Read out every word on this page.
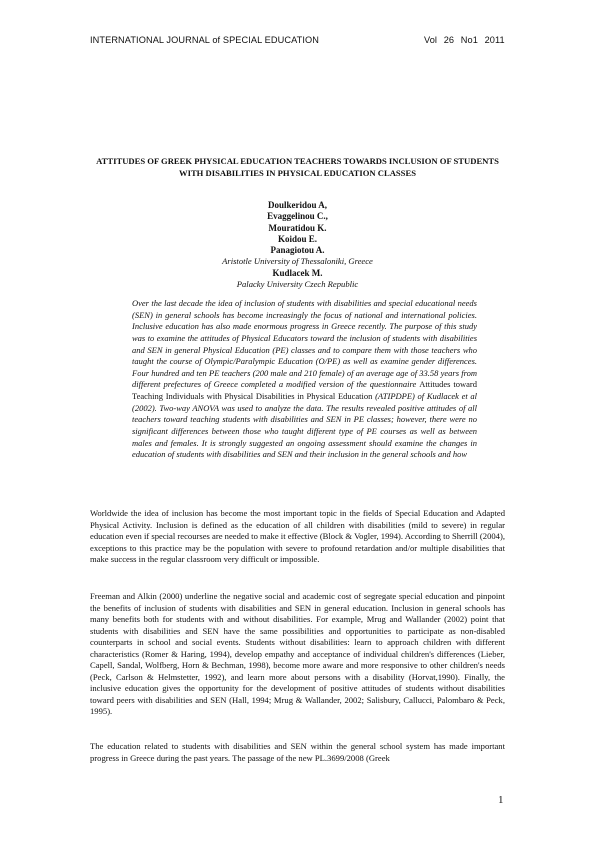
INTERNATIONAL JOURNAL of SPECIAL EDUCATION	Vol 26 No1 2011
ATTITUDES OF GREEK PHYSICAL EDUCATION TEACHERS TOWARDS INCLUSION OF STUDENTS WITH DISABILITIES IN PHYSICAL EDUCATION CLASSES
Doulkeridou A,
Evaggelinou C.,
Mouratidou K.
Koidou E.
Panagiotou A.
Aristotle University of Thessaloniki, Greece
Kudlacek M.
Palacky University Czech Republic
Over the last decade the idea of inclusion of students with disabilities and special educational needs (SEN) in general schools has become increasingly the focus of national and international policies. Inclusive education has also made enormous progress in Greece recently. The purpose of this study was to examine the attitudes of Physical Educators toward the inclusion of students with disabilities and SEN in general Physical Education (PE) classes and to compare them with those teachers who taught the course of Olympic/Paralympic Education (O/PE) as well as examine gender differences. Four hundred and ten PE teachers (200 male and 210 female) of an average age of 33.58 years from different prefectures of Greece completed a modified version of the questionnaire Attitudes toward Teaching Individuals with Physical Disabilities in Physical Education (ATIPDPE) of Kudlacek et al (2002). Two-way ANOVA was used to analyze the data. The results revealed positive attitudes of all teachers toward teaching students with disabilities and SEN in PE classes; however, there were no significant differences between those who taught different type of PE courses as well as between males and females. It is strongly suggested an ongoing assessment should examine the changes in education of students with disabilities and SEN and their inclusion in the general schools and how
Worldwide the idea of inclusion has become the most important topic in the fields of Special Education and Adapted Physical Activity. Inclusion is defined as the education of all children with disabilities (mild to severe) in regular education even if special recourses are needed to make it effective (Block & Vogler, 1994). According to Sherrill (2004), exceptions to this practice may be the population with severe to profound retardation and/or multiple disabilities that make success in the regular classroom very difficult or impossible.
Freeman and Alkin (2000) underline the negative social and academic cost of segregate special education and pinpoint the benefits of inclusion of students with disabilities and SEN in general education. Inclusion in general schools has many benefits both for students with and without disabilities. For example, Mrug and Wallander (2002) point that students with disabilities and SEN have the same possibilities and opportunities to participate as non-disabled counterparts in school and social events. Students without disabilities: learn to approach children with different characteristics (Romer & Haring, 1994), develop empathy and acceptance of individual children's differences (Lieber, Capell, Sandal, Wolfberg, Horn & Bechman, 1998), become more aware and more responsive to other children's needs (Peck, Carlson & Helmstetter, 1992), and learn more about persons with a disability (Horvat,1990). Finally, the inclusive education gives the opportunity for the development of positive attitudes of students without disabilities toward peers with disabilities and SEN (Hall, 1994; Mrug & Wallander, 2002; Salisbury, Callucci, Palombaro & Peck, 1995).
The education related to students with disabilities and SEN within the general school system has made important progress in Greece during the past years. The passage of the new PL.3699/2008 (Greek
1
